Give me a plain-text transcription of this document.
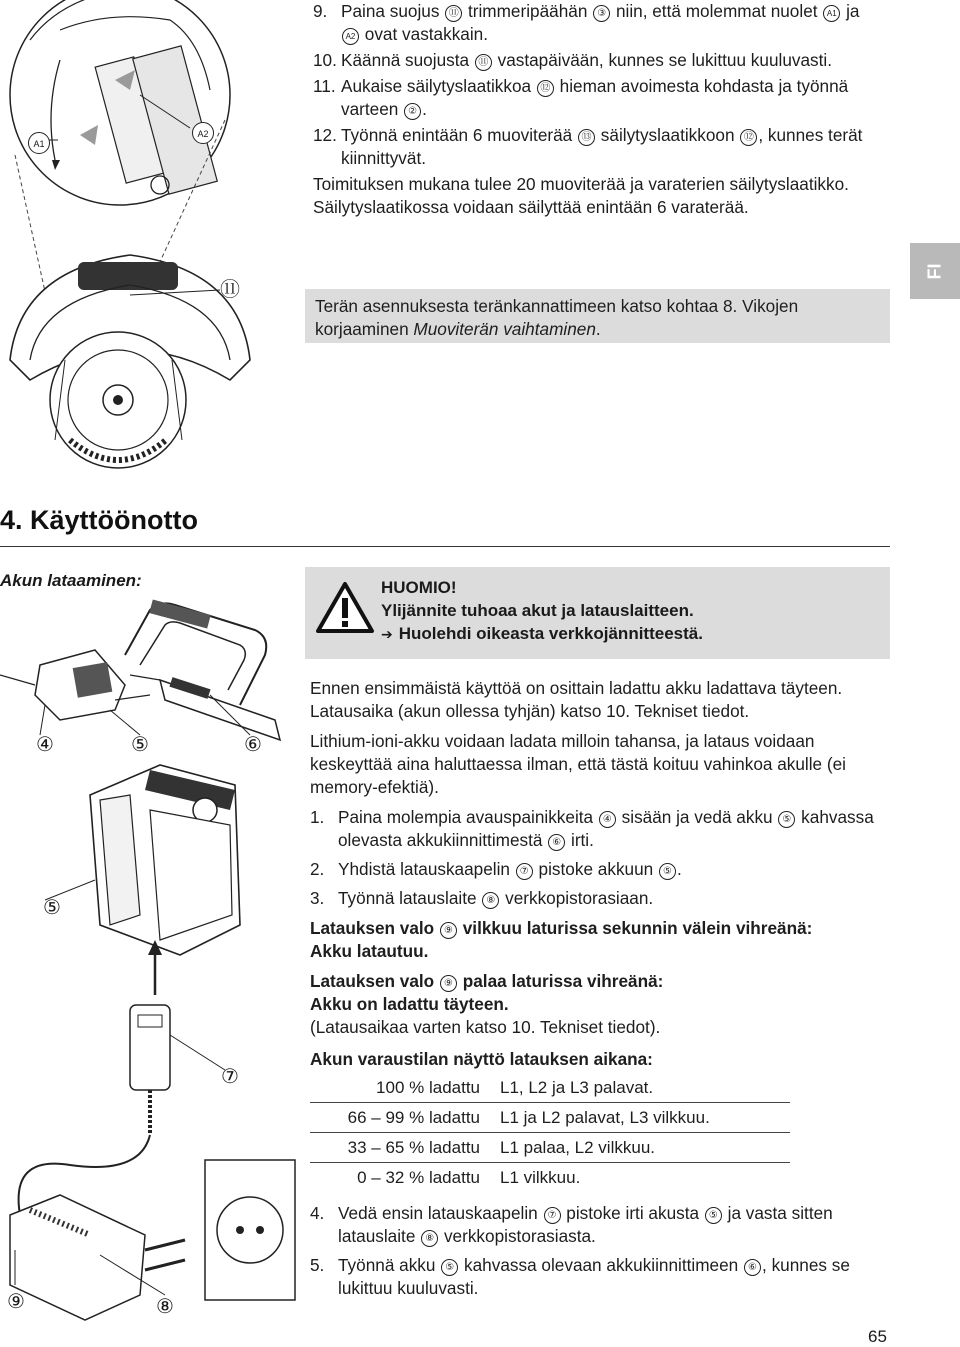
A1
A2
⑪
9. Paina suojus ⑪ trimmeripäähän ③ niin, että molemmat nuolet A1 ja A2 ovat vastakkain.
10. Käännä suojusta ⑪ vastapäivään, kunnes se lukittuu kuuluvasti.
11. Aukaise säilytyslaatikkoa ⑫ hieman avoimesta kohdasta ja työnnä varteen ② .
12. Työnnä enintään 6 muoviterää ⑬ säilytyslaatikkoon ⑫ , kunnes terät kiinnittyvät.
Toimituksen mukana tulee 20 muoviterää ja varaterien säilytyslaatikko. Säilytyslaatikossa voidaan säilyttää enintään 6 varaterää.
Terän asennuksesta teränkannattimeen katso kohtaa 8. Vikojen korjaaminen Muoviterän vaihtaminen.
FI
4. Käyttöönotto
Akun lataaminen:
④	⑤	⑥
⑤
⑦
⑨	⑧
HUOMIO!
Ylijännite tuhoaa akut ja latauslaitteen.
➔ Huolehdi oikeasta verkkojännitteestä.
Ennen ensimmäistä käyttöä on osittain ladattu akku ladattava täyteen. Latausaika (akun ollessa tyhjän) katso 10. Tekniset tiedot.
Lithium-ioni-akku voidaan ladata milloin tahansa, ja lataus voidaan keskeyttää aina haluttaessa ilman, että tästä koituu vahinkoa akulle (ei memory-efektiä).
1. Paina molempia avauspainikkeita ④ sisään ja vedä akku ⑤ kahvassa olevasta akkukiinnittimestä ⑥ irti.
2. Yhdistä latauskaapelin ⑦ pistoke akkuun ⑤ .
3. Työnnä latauslaite ⑧ verkkopistorasiaan.
Latauksen valo ⑨ vilkkuu laturissa sekunnin välein vihreänä:
Akku latautuu.
Latauksen valo ⑨ palaa laturissa vihreänä:
Akku on ladattu täyteen.
(Latausaikaa varten katso 10. Tekniset tiedot).
Akun varaustilan näyttö latauksen aikana:
100 % ladattu	L1, L2 ja L3 palavat.
66 – 99 % ladattu	L1 ja L2 palavat, L3 vilkkuu.
33 – 65 % ladattu	L1 palaa, L2 vilkkuu.
0 – 32 % ladattu	L1 vilkkuu.
4. Vedä ensin latauskaapelin ⑦ pistoke irti akusta ⑤ ja vasta sitten latauslaite ⑧ verkkopistorasiasta.
5. Työnnä akku ⑤ kahvassa olevaan akkukiinnittimeen ⑥ , kunnes se lukittuu kuuluvasti.
65
